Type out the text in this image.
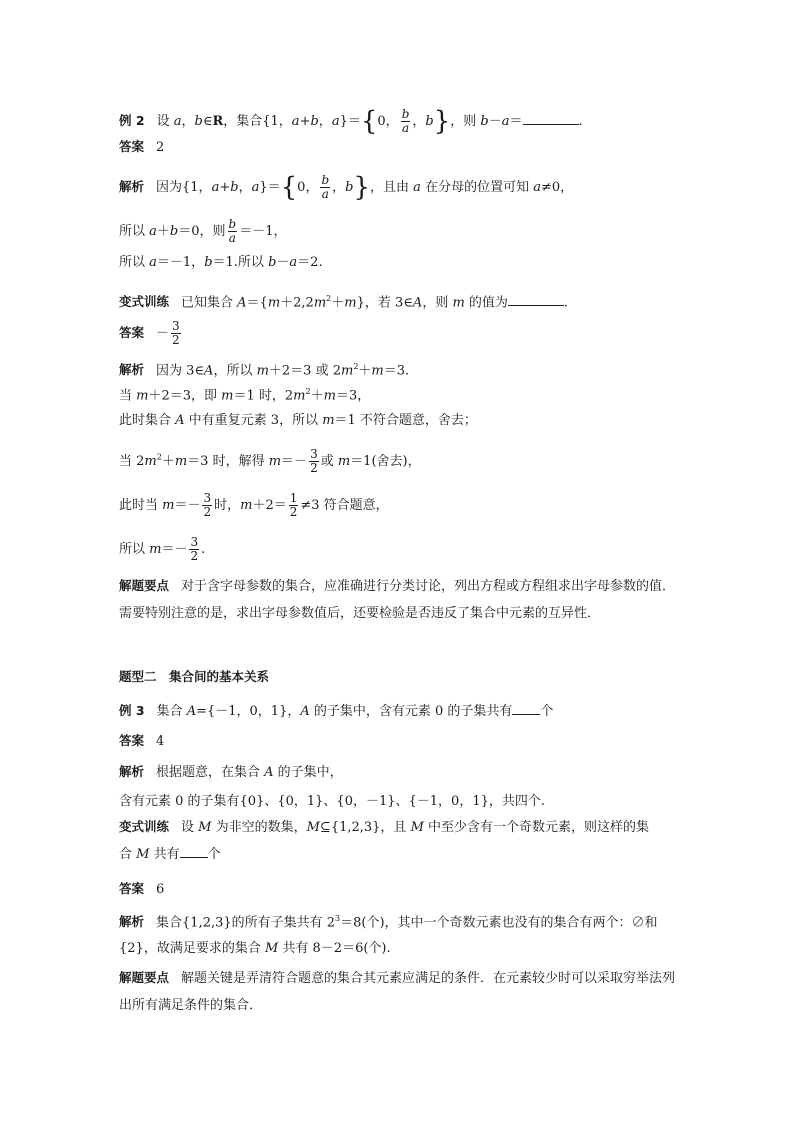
例 2 设 a，b∈R，集合{1，a+b，a}＝{0， $\frac{b}{a}$ ，b}，则 b－a＝	.
答案 2
解析 因为{1，a+b，a}＝{0， $\frac{b}{a}$ ，b}，且由 a 在分母的位置可知 a≠0，
所以 a＋b＝0，则 $\frac{b}{a} =-1$，
所以 a＝－1，b＝1.所以 b－a＝2.
变式训练 已知集合 $A=\{m+2,2m^2+m\}$，若 3∈A，则 m 的值为	.
答案 － $\frac{3}{2}$
解析 因为 3∈A，所以 m＋2＝3 或 $2m^2+m=3$.
当 m＋2＝3，即 m＝1 时，$2m^2+m=3$，
此时集合 A 中有重复元素 3，所以 m＝1 不符合题意，舍去；
当 $2m^2+m=3$ 时，解得 $m=- \frac{3}{2}$ 或 m＝1(舍去)，
此时当 $m=- \frac{3}{2}$ 时，$m+2= \frac{1}{2} \ne 3$ 符合题意，
所以 $m=- \frac{3}{2}$ .
解题要点 对于含字母参数的集合，应准确进行分类讨论，列出方程或方程组求出字母参数的值．需要特别注意的是，求出字母参数值后，还要检验是否违反了集合中元素的互异性．
题型二　集合间的基本关系
例 3 集合 A={－1，0，1}，A 的子集中，含有元素 0 的子集共有 个
答案 4
解析 根据题意，在集合 A 的子集中，
含有元素 0 的子集有{0}、{0，1}、{0，－1}、{－1，0，1}，共四个.
变式训练 设 M 为非空的数集，M⊆{1,2,3}，且 M 中至少含有一个奇数元素，则这样的集
合 M 共有 个
答案 6
解析 集合{1,2,3}的所有子集共有 $2^3=8$(个)，其中一个奇数元素也没有的集合有两个：∅和
{2}，故满足要求的集合 M 共有 8－2＝6(个).
解题要点 解题关键是弄清符合题意的集合其元素应满足的条件．在元素较少时可以采取穷举法列出所有满足条件的集合．
